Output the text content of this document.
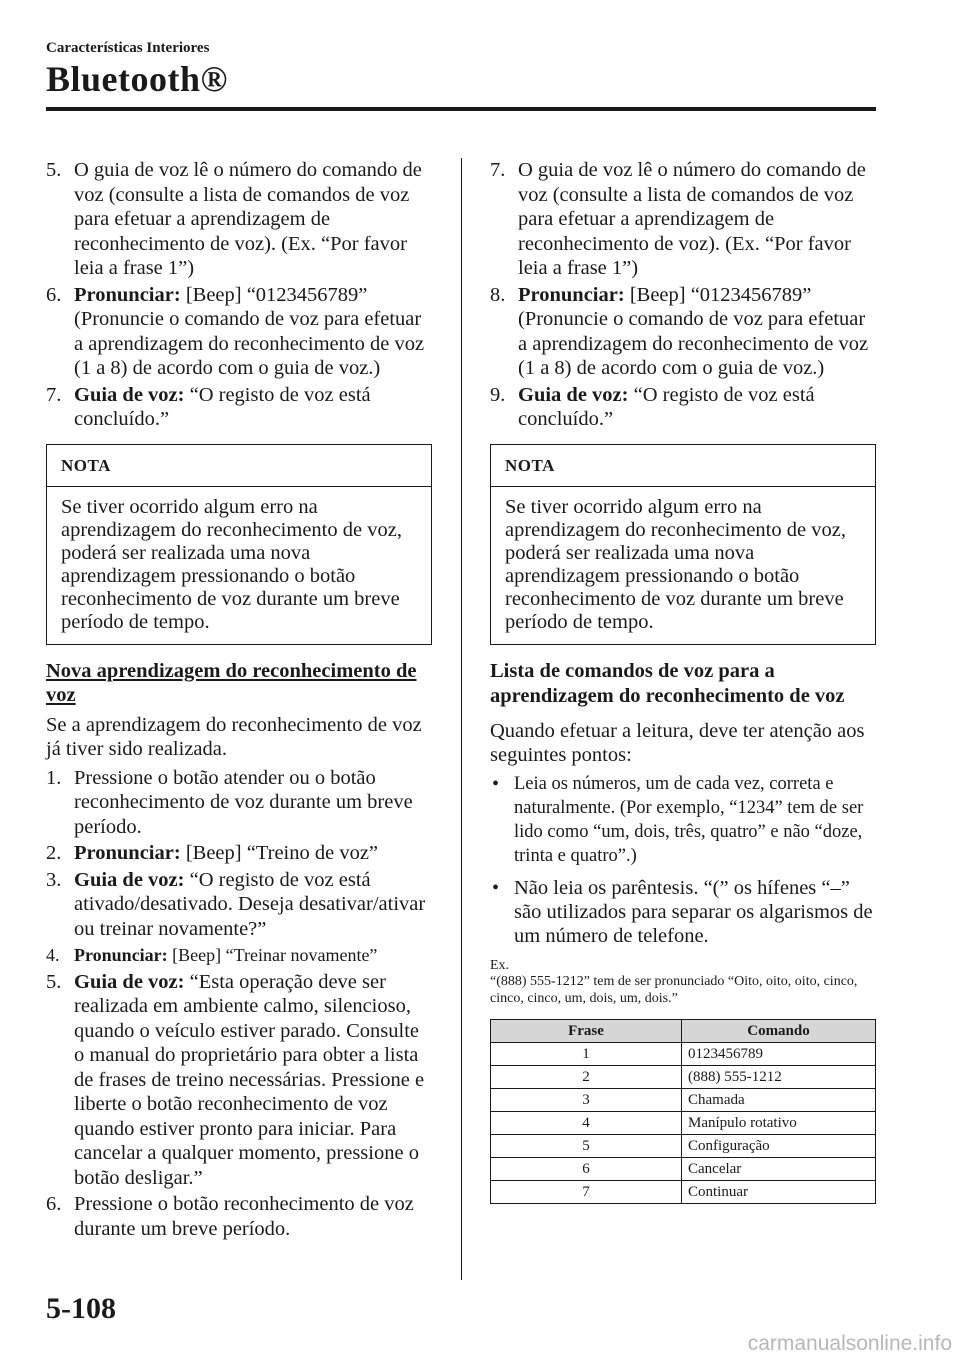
Características Interiores
Bluetooth®
5. O guia de voz lê o número do comando de voz (consulte a lista de comandos de voz para efetuar a aprendizagem de reconhecimento de voz). (Ex. “Por favor leia a frase 1”)
6. Pronunciar: [Beep] “0123456789” (Pronuncie o comando de voz para efetuar a aprendizagem do reconhecimento de voz (1 a 8) de acordo com o guia de voz.)
7. Guia de voz: “O registo de voz está concluído.”
NOTA
Se tiver ocorrido algum erro na aprendizagem do reconhecimento de voz, poderá ser realizada uma nova aprendizagem pressionando o botão reconhecimento de voz durante um breve período de tempo.
Nova aprendizagem do reconhecimento de voz
Se a aprendizagem do reconhecimento de voz já tiver sido realizada.
1. Pressione o botão atender ou o botão reconhecimento de voz durante um breve período.
2. Pronunciar: [Beep] “Treino de voz”
3. Guia de voz: “O registo de voz está ativado/desativado. Deseja desativar/ativar ou treinar novamente?”
4. Pronunciar: [Beep] “Treinar novamente”
5. Guia de voz: “Esta operação deve ser realizada em ambiente calmo, silencioso, quando o veículo estiver parado. Consulte o manual do proprietário para obter a lista de frases de treino necessárias. Pressione e liberte o botão reconhecimento de voz quando estiver pronto para iniciar. Para cancelar a qualquer momento, pressione o botão desligar.”
6. Pressione o botão reconhecimento de voz durante um breve período.
7. O guia de voz lê o número do comando de voz (consulte a lista de comandos de voz para efetuar a aprendizagem de reconhecimento de voz). (Ex. “Por favor leia a frase 1”)
8. Pronunciar: [Beep] “0123456789” (Pronuncie o comando de voz para efetuar a aprendizagem do reconhecimento de voz (1 a 8) de acordo com o guia de voz.)
9. Guia de voz: “O registo de voz está concluído.”
NOTA
Se tiver ocorrido algum erro na aprendizagem do reconhecimento de voz, poderá ser realizada uma nova aprendizagem pressionando o botão reconhecimento de voz durante um breve período de tempo.
Lista de comandos de voz para a aprendizagem do reconhecimento de voz
Quando efetuar a leitura, deve ter atenção aos seguintes pontos:
• Leia os números, um de cada vez, correta e naturalmente. (Por exemplo, “1234” tem de ser lido como “um, dois, três, quatro” e não “doze, trinta e quatro”.)
• Não leia os parêntesis. “(” os hífenes “–” são utilizados para separar os algarismos de um número de telefone.
Ex.
“(888) 555-1212” tem de ser pronunciado “Oito, oito, oito, cinco, cinco, cinco, um, dois, um, dois.”
Frase	Comando
1	0123456789
2	(888) 555-1212
3	Chamada
4	Manípulo rotativo
5	Configuração
6	Cancelar
7	Continuar
5-108
carmanualsonline.info
